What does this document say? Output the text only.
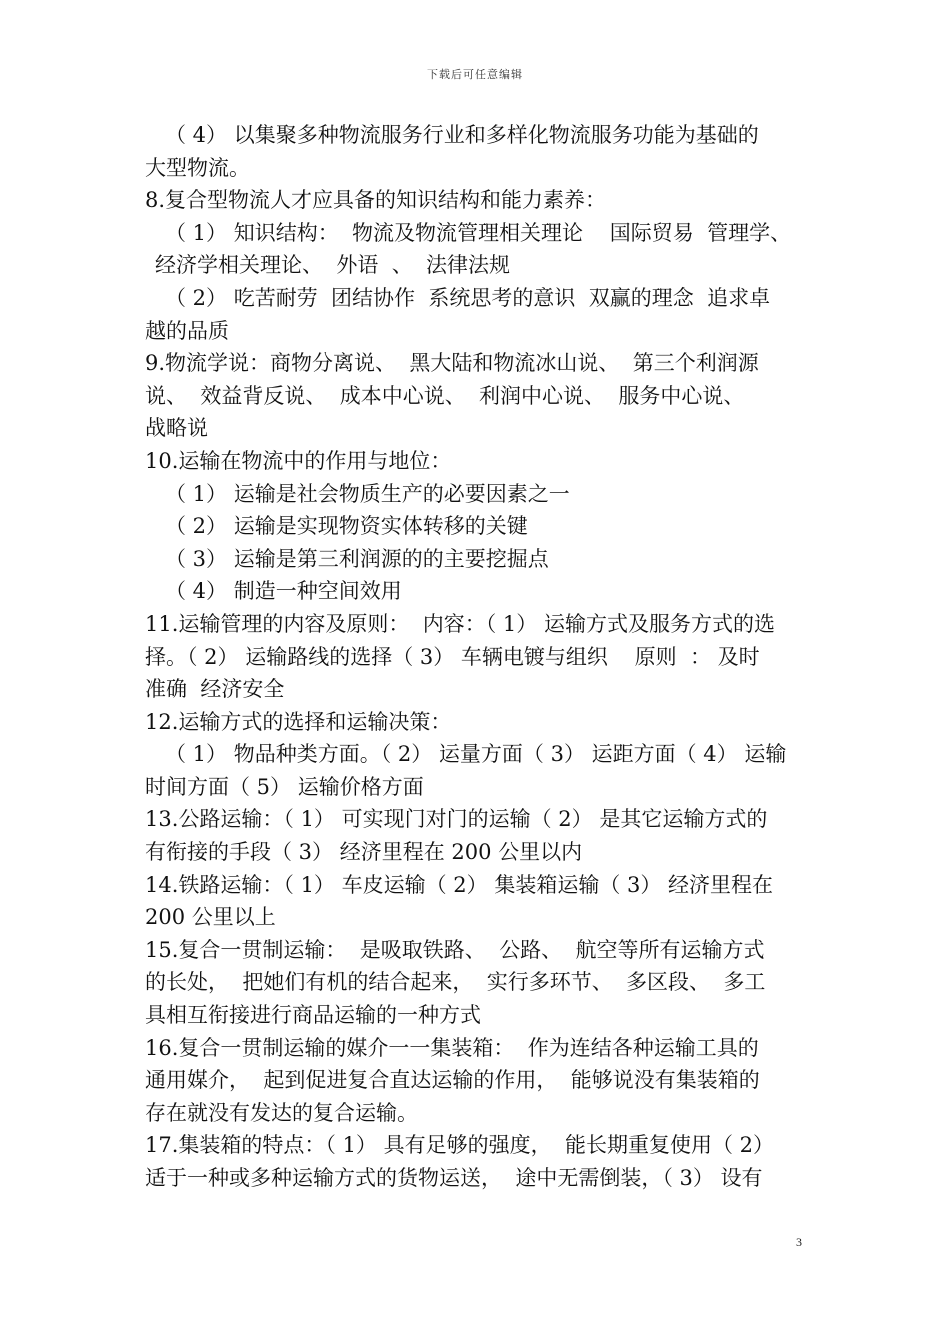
下载后可任意编辑
（ 4） 以集聚多种物流服务行业和多样化物流服务功能为基础的
大型物流。
8.复合型物流人才应具备的知识结构和能力素养：
（ 1） 知识结构：  物流及物流管理相关理论    国际贸易  管理学、
经济学相关理论、  外语  、  法律法规
（ 2） 吃苦耐劳  团结协作  系统思考的意识  双赢的理念  追求卓
越的品质
9.物流学说：商物分离说、  黑大陆和物流冰山说、  第三个利润源
说、  效益背反说、  成本中心说、  利润中心说、  服务中心说、
战略说
10.运输在物流中的作用与地位：
（ 1） 运输是社会物质生产的必要因素之一
（ 2） 运输是实现物资实体转移的关键
（ 3） 运输是第三利润源的的主要挖掘点
（ 4） 制造一种空间效用
11.运输管理的内容及原则：  内容：（ 1） 运输方式及服务方式的选
择。（ 2） 运输路线的选择（ 3） 车辆电镀与组织    原则  ： 及时
准确  经济安全
12.运输方式的选择和运输决策：
（ 1） 物品种类方面。（ 2） 运量方面（ 3） 运距方面（ 4） 运输
时间方面（ 5） 运输价格方面
13.公路运输：（ 1） 可实现门对门的运输（ 2） 是其它运输方式的
有衔接的手段（ 3） 经济里程在 200 公里以内
14.铁路运输：（ 1） 车皮运输（ 2） 集装箱运输（ 3） 经济里程在
200 公里以上
15.复合一贯制运输：  是吸取铁路、  公路、  航空等所有运输方式
的长处，  把她们有机的结合起来，  实行多环节、  多区段、  多工
具相互衔接进行商品运输的一种方式
16.复合一贯制运输的媒介一一集装箱：  作为连结各种运输工具的
通用媒介，  起到促进复合直达运输的作用，  能够说没有集装箱的
存在就没有发达的复合运输。
17.集装箱的特点：（ 1） 具有足够的强度，  能长期重复使用（ 2）
适于一种或多种运输方式的货物运送，  途中无需倒装，（ 3） 设有
3
